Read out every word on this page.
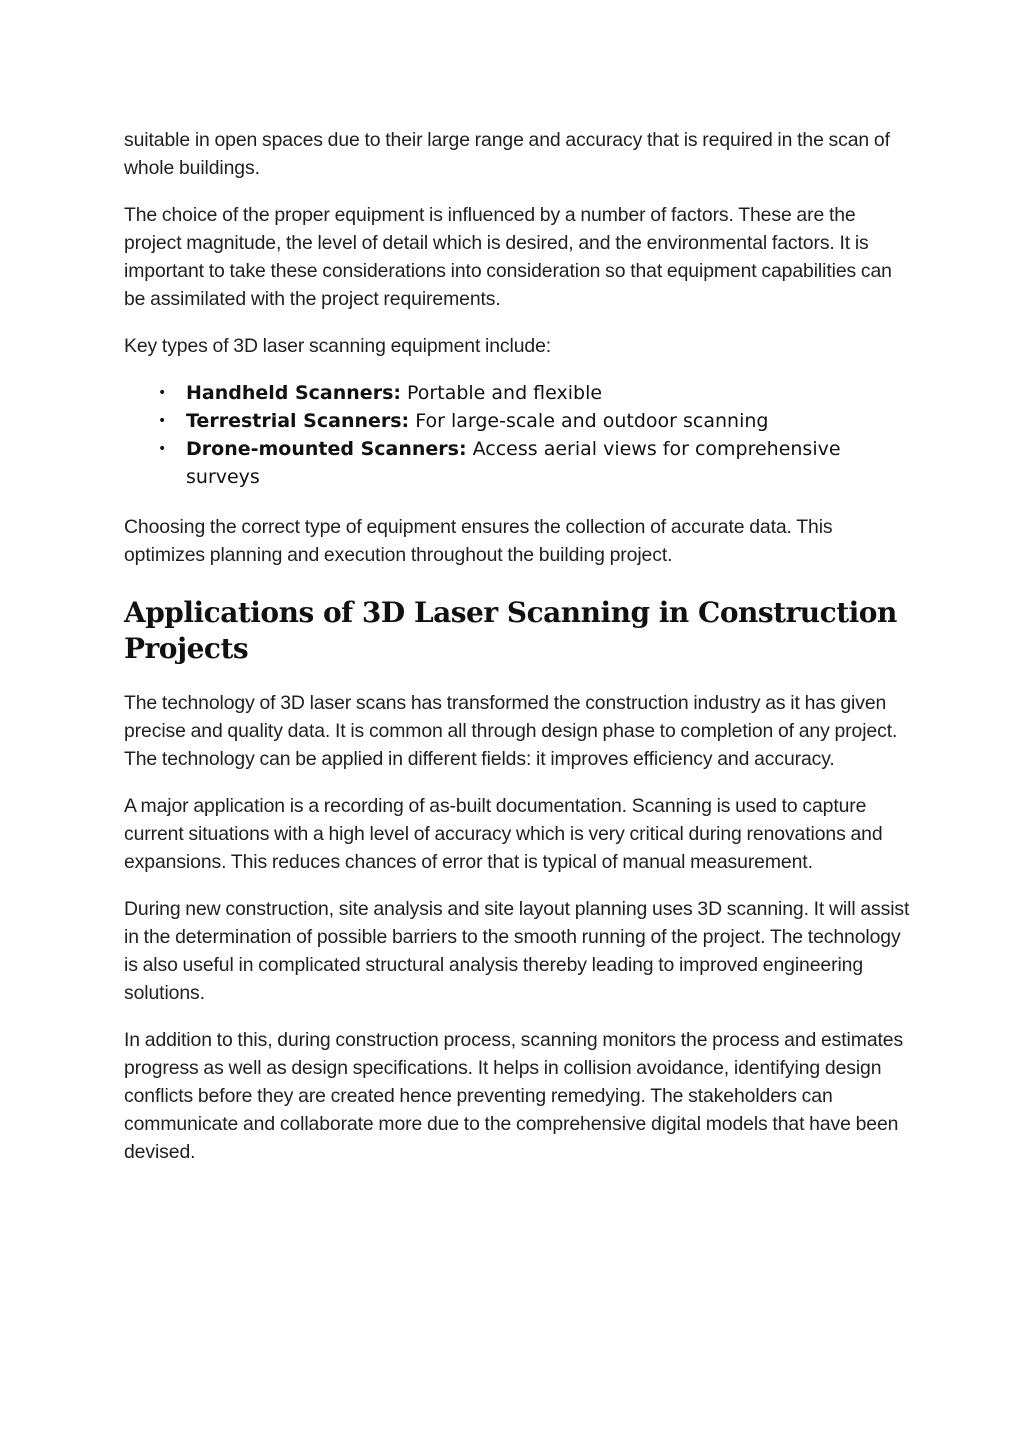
suitable in open spaces due to their large range and accuracy that is required in the scan of whole buildings.

The choice of the proper equipment is influenced by a number of factors. These are the project magnitude, the level of detail which is desired, and the environmental factors. It is important to take these considerations into consideration so that equipment capabilities can be assimilated with the project requirements.

Key types of 3D laser scanning equipment include:

• Handheld Scanners: Portable and flexible
• Terrestrial Scanners: For large-scale and outdoor scanning
• Drone-mounted Scanners: Access aerial views for comprehensive surveys

Choosing the correct type of equipment ensures the collection of accurate data. This optimizes planning and execution throughout the building project.

Applications of 3D Laser Scanning in Construction Projects

The technology of 3D laser scans has transformed the construction industry as it has given precise and quality data. It is common all through design phase to completion of any project. The technology can be applied in different fields: it improves efficiency and accuracy.

A major application is a recording of as-built documentation. Scanning is used to capture current situations with a high level of accuracy which is very critical during renovations and expansions. This reduces chances of error that is typical of manual measurement.

During new construction, site analysis and site layout planning uses 3D scanning. It will assist in the determination of possible barriers to the smooth running of the project. The technology is also useful in complicated structural analysis thereby leading to improved engineering solutions.

In addition to this, during construction process, scanning monitors the process and estimates progress as well as design specifications. It helps in collision avoidance, identifying design conflicts before they are created hence preventing remedying. The stakeholders can communicate and collaborate more due to the comprehensive digital models that have been devised.
